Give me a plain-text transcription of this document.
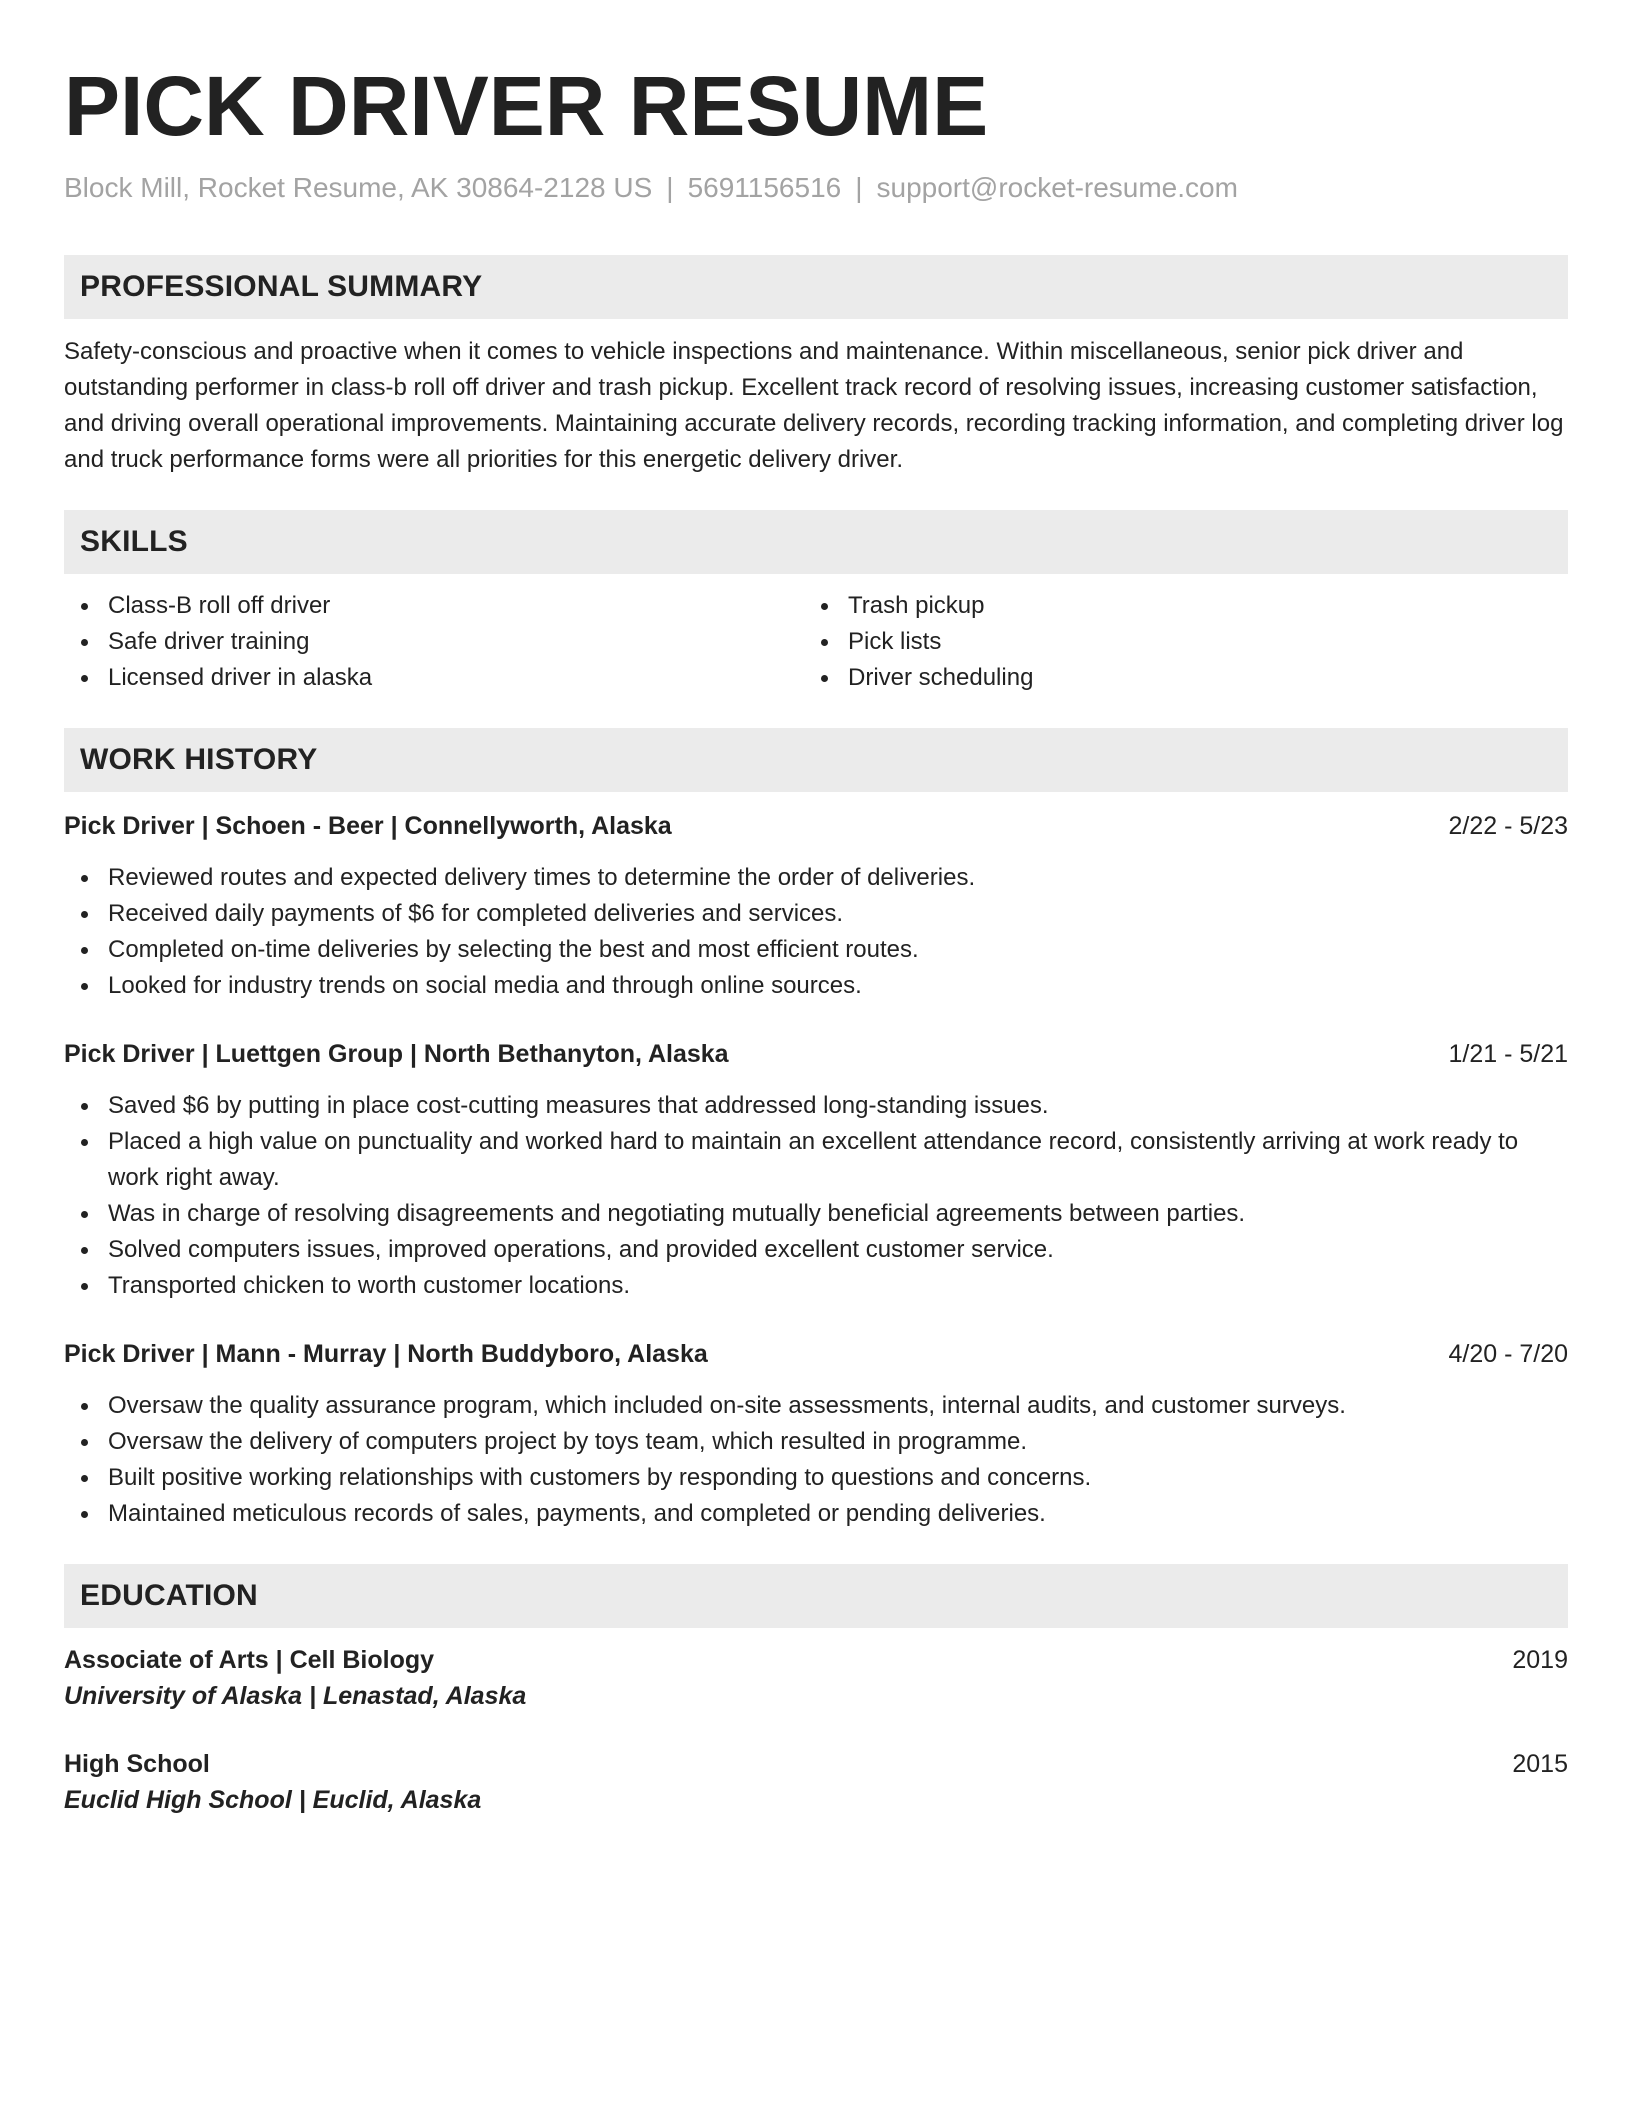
PICK DRIVER RESUME
Block Mill, Rocket Resume, AK 30864-2128 US | 5691156516 | support@rocket-resume.com
PROFESSIONAL SUMMARY

Safety-conscious and proactive when it comes to vehicle inspections and maintenance. Within miscellaneous, senior pick driver and outstanding performer in class-b roll off driver and trash pickup. Excellent track record of resolving issues, increasing customer satisfaction, and driving overall operational improvements. Maintaining accurate delivery records, recording tracking information, and completing driver log and truck performance forms were all priorities for this energetic delivery driver.

SKILLS
Class-B roll off driver
Safe driver training
Licensed driver in alaska
Trash pickup
Pick lists
Driver scheduling
WORK HISTORY
Pick Driver | Schoen - Beer | Connellyworth, Alaska	2/22 - 5/23
Reviewed routes and expected delivery times to determine the order of deliveries.
Received daily payments of $6 for completed deliveries and services.
Completed on-time deliveries by selecting the best and most efficient routes.
Looked for industry trends on social media and through online sources.
Pick Driver | Luettgen Group | North Bethanyton, Alaska	1/21 - 5/21
Saved $6 by putting in place cost-cutting measures that addressed long-standing issues.
Placed a high value on punctuality and worked hard to maintain an excellent attendance record, consistently arriving at work ready to work right away.
Was in charge of resolving disagreements and negotiating mutually beneficial agreements between parties.
Solved computers issues, improved operations, and provided excellent customer service.
Transported chicken to worth customer locations.
Pick Driver | Mann - Murray | North Buddyboro, Alaska	4/20 - 7/20
Oversaw the quality assurance program, which included on-site assessments, internal audits, and customer surveys.
Oversaw the delivery of computers project by toys team, which resulted in programme.
Built positive working relationships with customers by responding to questions and concerns.
Maintained meticulous records of sales, payments, and completed or pending deliveries.
EDUCATION
Associate of Arts | Cell Biology	2019
University of Alaska | Lenastad, Alaska
High School	2015
Euclid High School | Euclid, Alaska
